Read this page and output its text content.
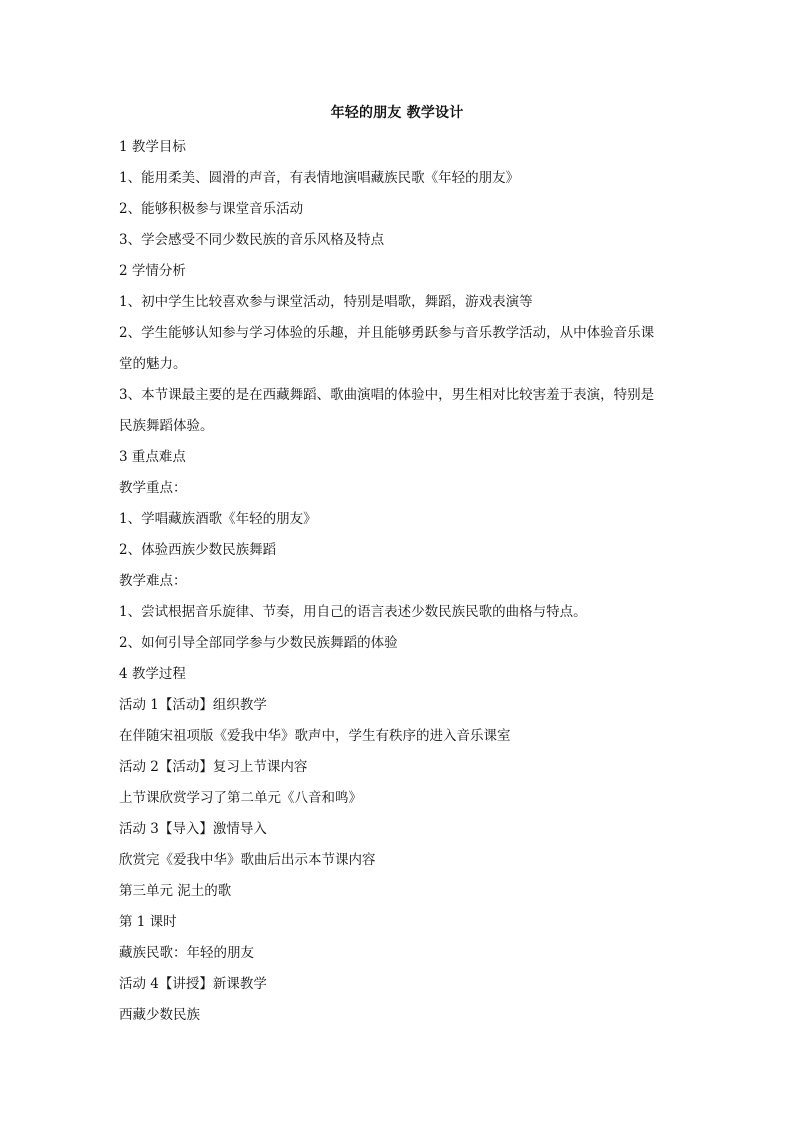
年轻的朋友 教学设计

1 教学目标

1、能用柔美、圆滑的声音，有表情地演唱藏族民歌《年轻的朋友》

2、能够积极参与课堂音乐活动

3、学会感受不同少数民族的音乐风格及特点

2 学情分析

1、初中学生比较喜欢参与课堂活动，特别是唱歌，舞蹈，游戏表演等

2、学生能够认知参与学习体验的乐趣，并且能够勇跃参与音乐教学活动，从中体验音乐课

堂的魅力。

3、本节课最主要的是在西藏舞蹈、歌曲演唱的体验中，男生相对比较害羞于表演，特别是

民族舞蹈体验。

3 重点难点

教学重点：

1、学唱藏族酒歌《年轻的朋友》

2、体验西族少数民族舞蹈

教学难点：

1、尝试根据音乐旋律、节奏，用自己的语言表述少数民族民歌的曲格与特点。

2、如何引导全部同学参与少数民族舞蹈的体验

4 教学过程

活动 1【活动】组织教学

在伴随宋祖项版《爱我中华》歌声中，学生有秩序的进入音乐课室

活动 2【活动】复习上节课内容

上节课欣赏学习了第二单元《八音和鸣》

活动 3【导入】激情导入

欣赏完《爱我中华》歌曲后出示本节课内容

第三单元 泥土的歌

第 1 课时

藏族民歌：年轻的朋友

活动 4【讲授】新课教学

西藏少数民族
